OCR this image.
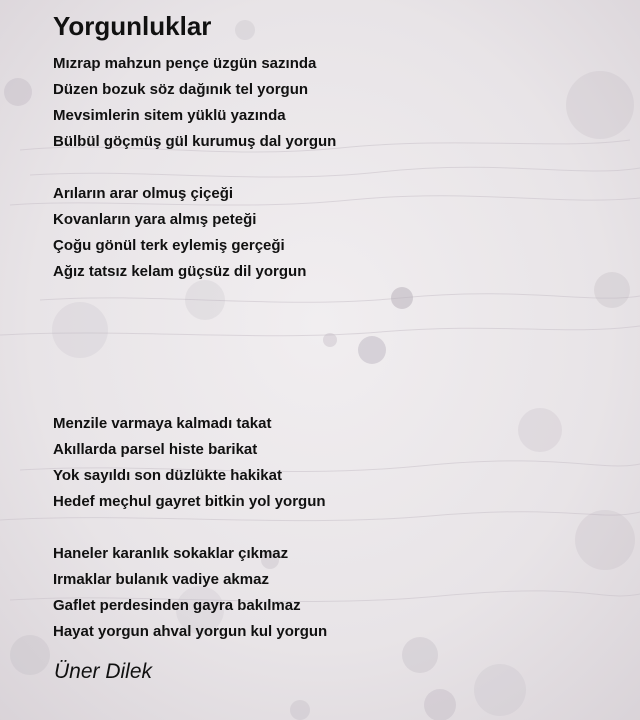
Yorgunluklar
Mızrap mahzun pençe üzgün sazında
Düzen bozuk söz dağınık tel yorgun
Mevsimlerin sitem yüklü yazında
Bülbül göçmüş gül kurumuş dal yorgun
Arıların arar olmuş çiçeği
Kovanların yara almış peteği
Çoğu gönül terk eylemiş gerçeği
Ağız tatsız kelam güçsüz dil yorgun
Menzile varmaya kalmadı takat
Akıllarda parsel histe barikat
Yok sayıldı son düzlükte hakikat
Hedef meçhul gayret bitkin yol yorgun
Haneler karanlık sokaklar çıkmaz
Irmaklar bulanık vadiye akmaz
Gaflet perdesinden gayra bakılmaz
Hayat yorgun ahval yorgun kul yorgun

Üner Dilek
